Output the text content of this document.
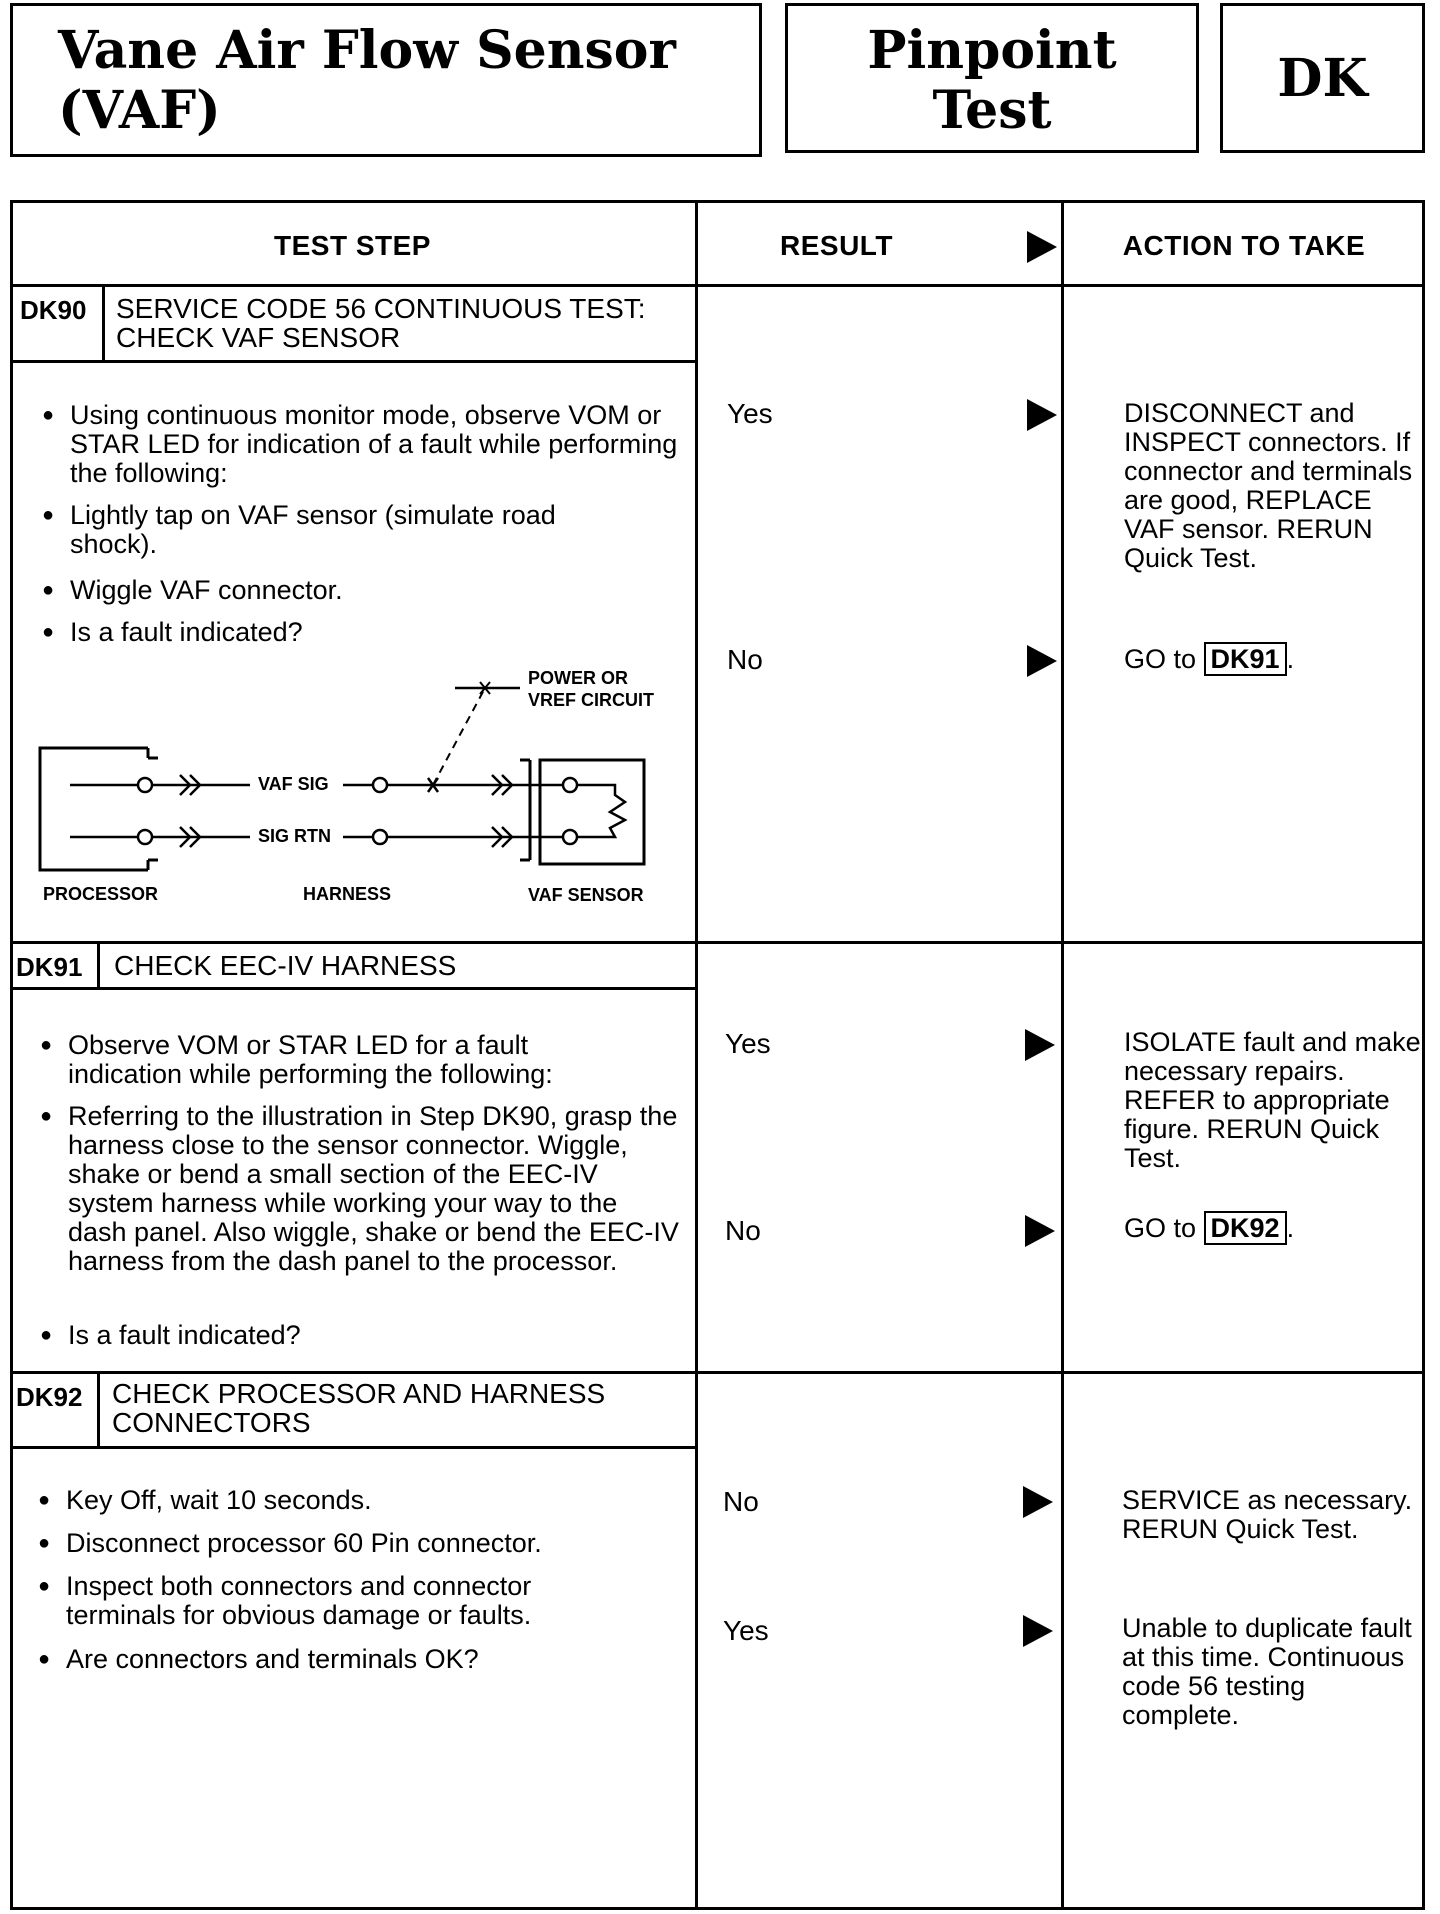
Vane Air Flow Sensor
(VAF)
Pinpoint
Test
DK
TEST STEP	RESULT	ACTION TO TAKE
DK90 SERVICE CODE 56 CONTINUOUS TEST:
CHECK VAF SENSOR
● Using continuous monitor mode, observe VOM or STAR LED for indication of a fault while performing the following:
● Lightly tap on VAF sensor (simulate road shock).
● Wiggle VAF connector.
● Is a fault indicated?
POWER OR
VREF CIRCUIT
VAF SIG
SIG RTN
PROCESSOR	HARNESS	VAF SENSOR
Yes	DISCONNECT and INSPECT connectors. If connector and terminals are good, REPLACE VAF sensor. RERUN Quick Test.
No	GO to DK91 .
DK91 CHECK EEC-IV HARNESS
● Observe VOM or STAR LED for a fault indication while performing the following:
● Referring to the illustration in Step DK90, grasp the harness close to the sensor connector. Wiggle, shake or bend a small section of the EEC-IV system harness while working your way to the dash panel. Also wiggle, shake or bend the EEC-IV harness from the dash panel to the processor.
● Is a fault indicated?
Yes	ISOLATE fault and make necessary repairs. REFER to appropriate figure. RERUN Quick Test.
No	GO to DK92 .
DK92 CHECK PROCESSOR AND HARNESS
CONNECTORS
● Key Off, wait 10 seconds.
● Disconnect processor 60 Pin connector.
● Inspect both connectors and connector terminals for obvious damage or faults.
● Are connectors and terminals OK?
No	SERVICE as necessary. RERUN Quick Test.
Yes	Unable to duplicate fault at this time. Continuous code 56 testing complete.
